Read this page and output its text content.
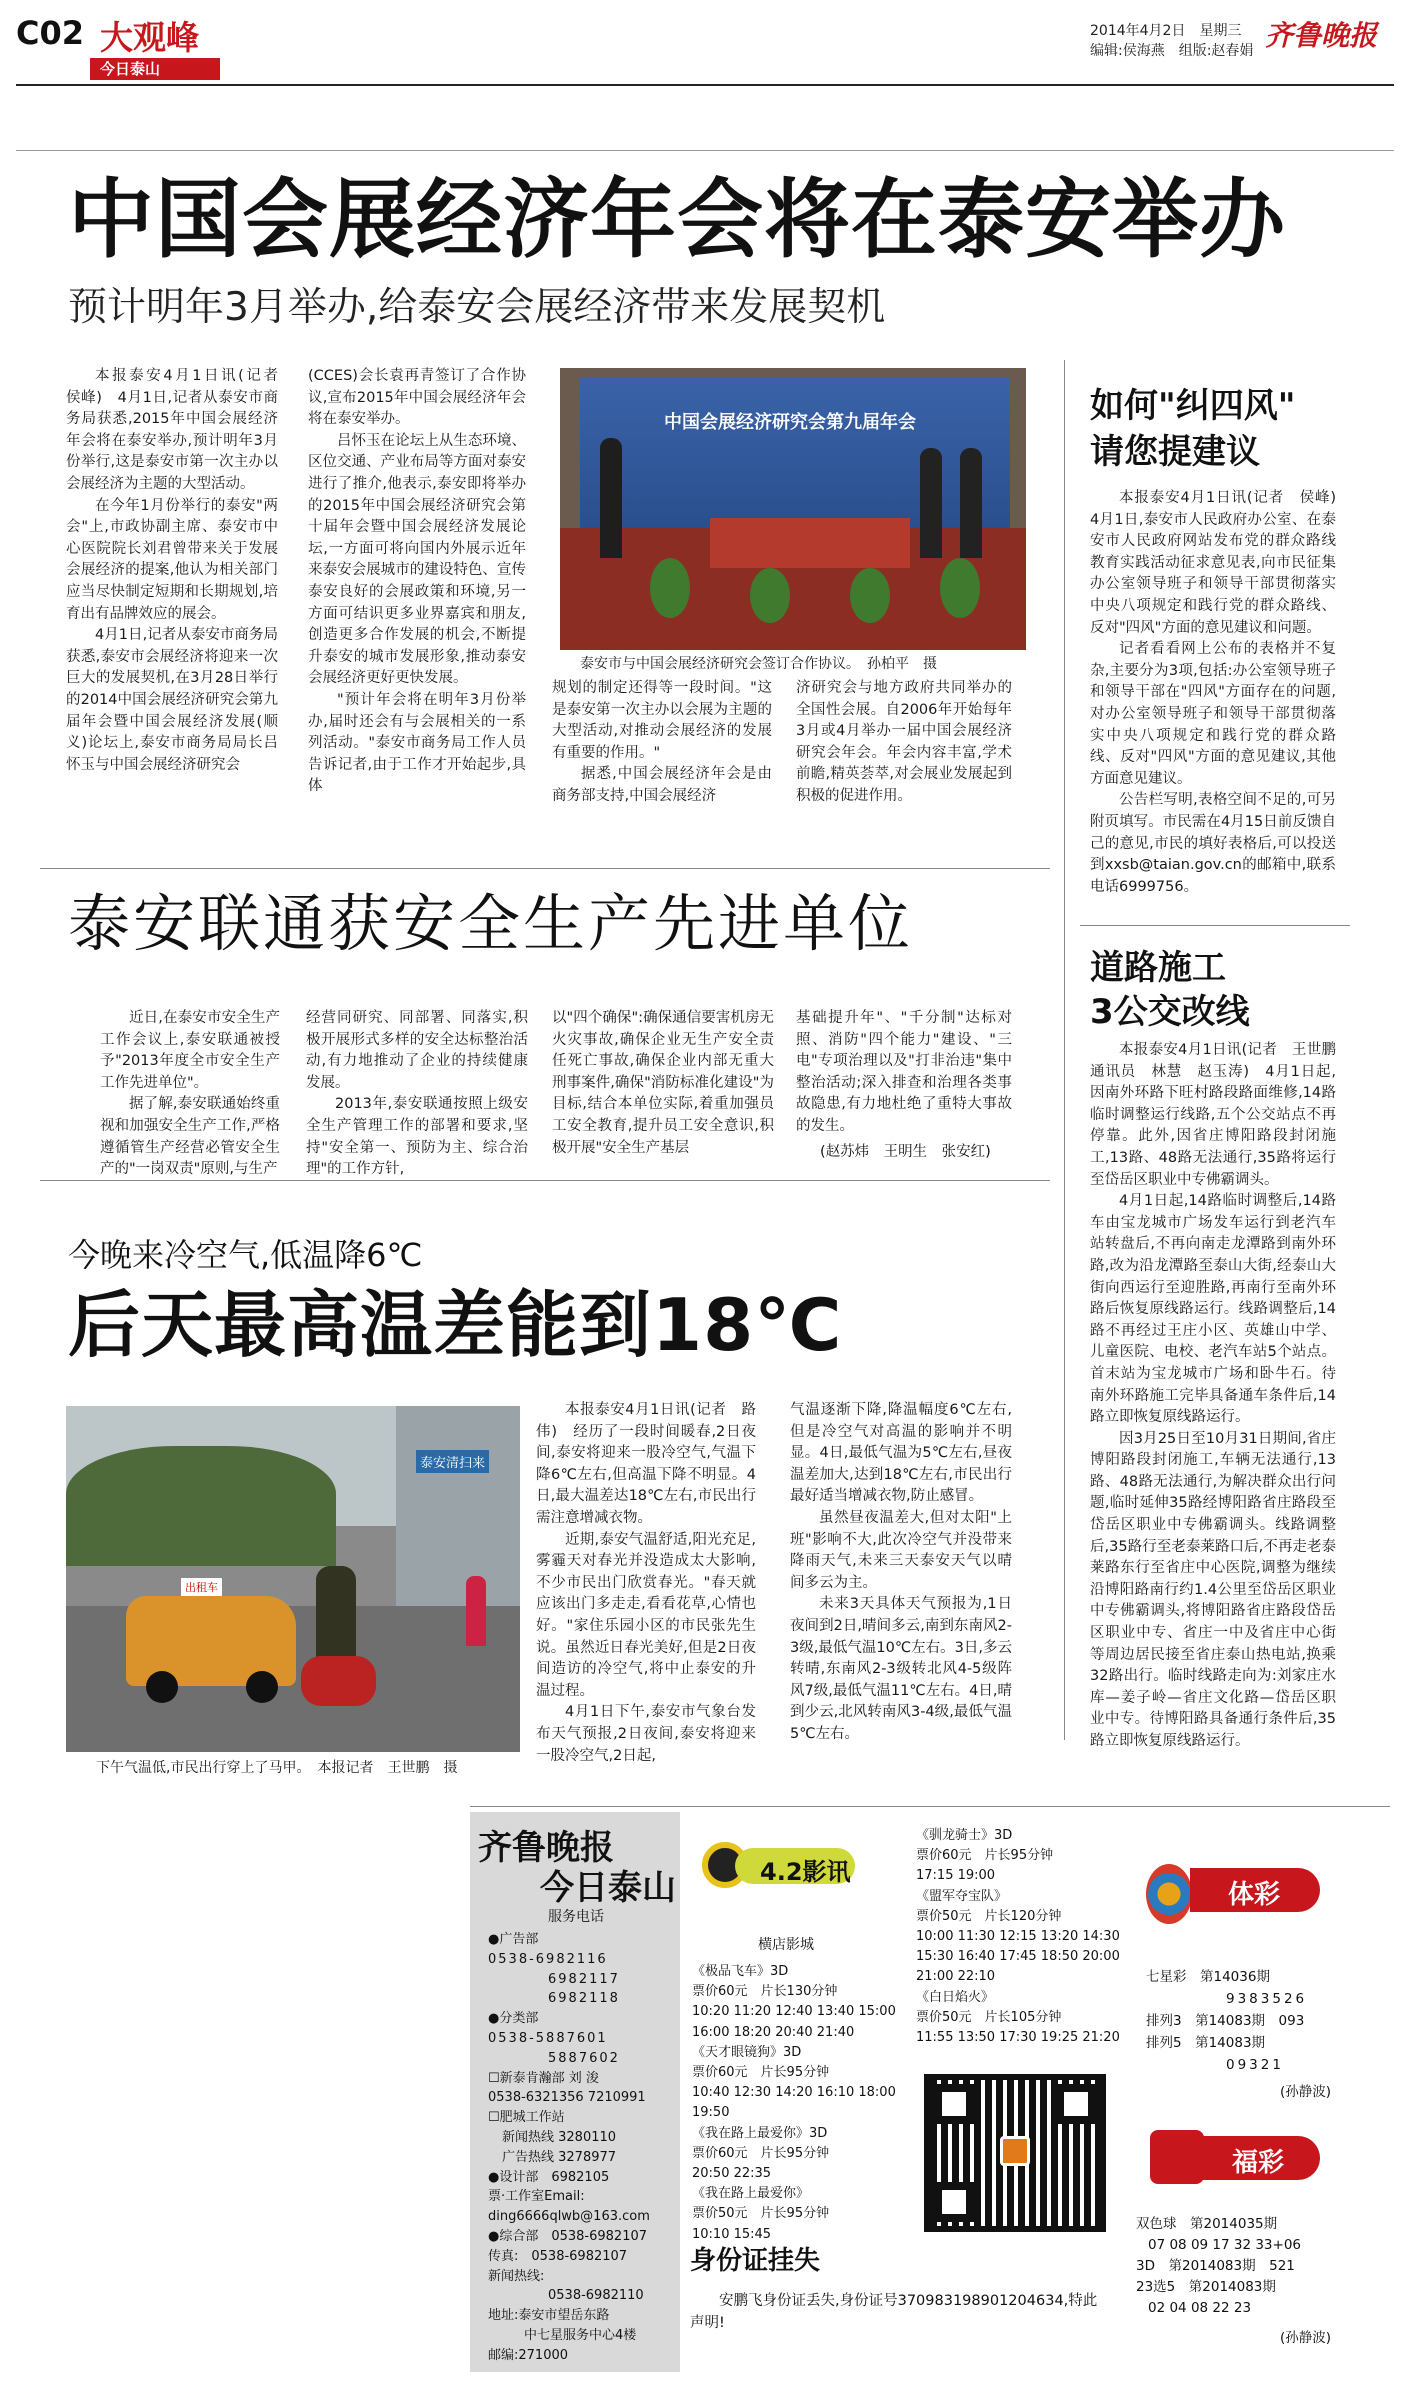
C02 大观峰
今日泰山
2014年4月2日　星期三
编辑:侯海燕　组版:赵春娟 齐鲁晚报
中国会展经济年会将在泰安举办
预计明年3月举办,给泰安会展经济带来发展契机

本报泰安4月1日讯(记者　侯峰)　4月1日,记者从泰安市商务局获悉,2015年中国会展经济年会将在泰安举办,预计明年3月份举行,这是泰安市第一次主办以会展经济为主题的大型活动。

在今年1月份举行的泰安"两会"上,市政协副主席、泰安市中心医院院长刘君曾带来关于发展会展经济的提案,他认为相关部门应当尽快制定短期和长期规划,培育出有品牌效应的展会。

4月1日,记者从泰安市商务局获悉,泰安市会展经济将迎来一次巨大的发展契机,在3月28日举行的2014中国会展经济研究会第九届年会暨中国会展经济发展(顺义)论坛上,泰安市商务局局长吕怀玉与中国会展经济研究会

(CCES)会长袁再青签订了合作协议,宣布2015年中国会展经济年会将在泰安举办。

吕怀玉在论坛上从生态环境、区位交通、产业布局等方面对泰安进行了推介,他表示,泰安即将举办的2015年中国会展经济研究会第十届年会暨中国会展经济发展论坛,一方面可将向国内外展示近年来泰安会展城市的建设特色、宣传泰安良好的会展政策和环境,另一方面可结识更多业界嘉宾和朋友,创造更多合作发展的机会,不断提升泰安的城市发展形象,推动泰安会展经济更好更快发展。

"预计年会将在明年3月份举办,届时还会有与会展相关的一系列活动。"泰安市商务局工作人员告诉记者,由于工作才开始起步,具体

中国会展经济研究会第九届年会
泰安市与中国会展经济研究会签订合作协议。　孙柏平　摄

规划的制定还得等一段时间。"这是泰安第一次主办以会展为主题的大型活动,对推动会展经济的发展有重要的作用。"

据悉,中国会展经济年会是由商务部支持,中国会展经济

济研究会与地方政府共同举办的全国性会展。自2006年开始每年3月或4月举办一届中国会展经济研究会年会。年会内容丰富,学术前瞻,精英荟萃,对会展业发展起到积极的促进作用。

如何"纠四风"
请您提建议

本报泰安4月1日讯(记者　侯峰)　4月1日,泰安市人民政府办公室、在泰安市人民政府网站发布党的群众路线教育实践活动征求意见表,向市民征集办公室领导班子和领导干部贯彻落实中央八项规定和践行党的群众路线、反对"四风"方面的意见建议和问题。

记者看看网上公布的表格并不复杂,主要分为3项,包括:办公室领导班子和领导干部在"四风"方面存在的问题,对办公室领导班子和领导干部贯彻落实中央八项规定和践行党的群众路线、反对"四风"方面的意见建议,其他方面意见建议。

公告栏写明,表格空间不足的,可另附页填写。市民需在4月15日前反馈自己的意见,市民的填好表格后,可以投送到xxsb@taian.gov.cn的邮箱中,联系电话6999756。

泰安联通获安全生产先进单位

近日,在泰安市安全生产工作会议上,泰安联通被授予"2013年度全市安全生产工作先进单位"。

据了解,泰安联通始终重视和加强安全生产工作,严格遵循管生产经营必管安全生产的"一岗双责"原则,与生产

经营同研究、同部署、同落实,积极开展形式多样的安全达标整治活动,有力地推动了企业的持续健康发展。

2013年,泰安联通按照上级安全生产管理工作的部署和要求,坚持"安全第一、预防为主、综合治理"的工作方针,

以"四个确保":确保通信要害机房无火灾事故,确保企业无生产安全责任死亡事故,确保企业内部无重大刑事案件,确保"消防标准化建设"为目标,结合本单位实际,着重加强员工安全教育,提升员工安全意识,积极开展"安全生产基层

基础提升年"、"千分制"达标对照、消防"四个能力"建设、"三电"专项治理以及"打非治违"集中整治活动;深入排查和治理各类事故隐患,有力地杜绝了重特大事故的发生。

(赵苏炜　王明生　张安红)
道路施工
3公交改线

本报泰安4月1日讯(记者　王世鹏　通讯员　林慧　赵玉涛)　4月1日起,因南外环路下旺村路段路面维修,14路临时调整运行线路,五个公交站点不再停靠。此外,因省庄博阳路段封闭施工,13路、48路无法通行,35路将运行至岱岳区职业中专佛霸调头。

4月1日起,14路临时调整后,14路车由宝龙城市广场发车运行到老汽车站转盘后,不再向南走龙潭路到南外环路,改为沿龙潭路至泰山大街,经泰山大街向西运行至迎胜路,再南行至南外环路后恢复原线路运行。线路调整后,14路不再经过王庄小区、英雄山中学、儿童医院、电校、老汽车站5个站点。首末站为宝龙城市广场和卧牛石。待南外环路施工完毕具备通车条件后,14路立即恢复原线路运行。

因3月25日至10月31日期间,省庄博阳路段封闭施工,车辆无法通行,13路、48路无法通行,为解决群众出行问题,临时延伸35路经博阳路省庄路段至岱岳区职业中专佛霸调头。线路调整后,35路行至老泰莱路口后,不再走老泰莱路东行至省庄中心医院,调整为继续沿博阳路南行约1.4公里至岱岳区职业中专佛霸调头,将博阳路省庄路段岱岳区职业中专、省庄一中及省庄中心街等周边居民接至省庄泰山热电站,换乘32路出行。临时线路走向为:刘家庄水库—姜子岭—省庄文化路—岱岳区职业中专。待博阳路具备通行条件后,35路立即恢复原线路运行。

今晚来冷空气,低温降6℃
后天最高温差能到18℃
泰安清扫来
出租车
下午气温低,市民出行穿上了马甲。　本报记者　王世鹏　摄

本报泰安4月1日讯(记者　路伟)　经历了一段时间暖春,2日夜间,泰安将迎来一股冷空气,气温下降6℃左右,但高温下降不明显。4日,最大温差达18℃左右,市民出行需注意增减衣物。

近期,泰安气温舒适,阳光充足,雾霾天对春光并没造成太大影响,不少市民出门欣赏春光。"春天就应该出门多走走,看看花草,心情也好。"家住乐园小区的市民张先生说。虽然近日春光美好,但是2日夜间造访的冷空气,将中止泰安的升温过程。

4月1日下午,泰安市气象台发布天气预报,2日夜间,泰安将迎来一股冷空气,2日起,

气温逐渐下降,降温幅度6℃左右,但是冷空气对高温的影响并不明显。4日,最低气温为5℃左右,昼夜温差加大,达到18℃左右,市民出行最好适当增减衣物,防止感冒。

虽然昼夜温差大,但对太阳"上班"影响不大,此次冷空气并没带来降雨天气,未来三天泰安天气以晴间多云为主。

未来3天具体天气预报为,1日夜间到2日,晴间多云,南到东南风2-3级,最低气温10℃左右。3日,多云转晴,东南风2-3级转北风4-5级阵风7级,最低气温11℃左右。4日,晴到少云,北风转南风3-4级,最低气温5℃左右。

齐鲁晚报
今日泰山
服务电话
●广告部
0538-6982116
6982117
6982118
●分类部
0538-5887601
5887602
☐新泰肯瀚部 刘 浚
0538-6321356 7210991
☐肥城工作站
新闻热线 3280110
广告热线 3278977
●设计部　6982105
票·工作室Email:
ding6666qlwb@163.com
●综合部　0538-6982107
传真:　0538-6982107
新闻热线:
0538-6982110
地址:泰安市望岳东路
中七星服务中心4楼
邮编:271000
4.2影讯
横店影城
《极品飞车》3D
票价60元　片长130分钟
10:20 11:20 12:40 13:40 15:00
16:00 18:20 20:40 21:40
《天才眼镜狗》3D
票价60元　片长95分钟
10:40 12:30 14:20 16:10 18:00
19:50
《我在路上最爱你》3D
票价60元　片长95分钟
20:50 22:35
《我在路上最爱你》
票价50元　片长95分钟
10:10 15:45
《驯龙骑士》3D
票价60元　片长95分钟
17:15 19:00
《盟军夺宝队》
票价50元　片长120分钟
10:00 11:30 12:15 13:20 14:30
15:30 16:40 17:45 18:50 20:00
21:00 22:10
《白日焰火》
票价50元　片长105分钟
11:55 13:50 17:30 19:25 21:20
身份证挂失
安鹏飞身份证丢失,身份证号370983198901204634,特此声明!
体彩
七星彩　第14036期
9383526
排列3　第14083期　093
排列5　第14083期
09321
(孙静波)
福彩
双色球　第2014035期
07 08 09 17 32 33+06
3D　第2014083期　521
23选5　第2014083期
02 04 08 22 23
(孙静波)
